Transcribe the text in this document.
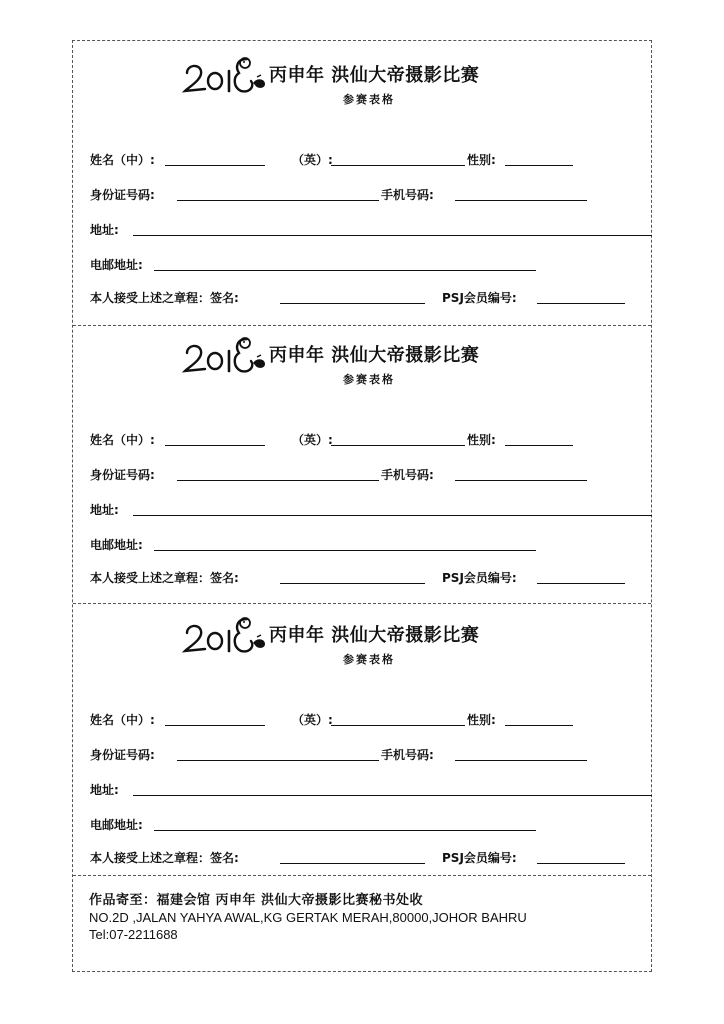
丙申年 洪仙大帝摄影比赛
参赛表格
姓名（中）:	（英）:	性别:
身份证号码:	手机号码:
地址:
电邮地址:
本人接受上述之章程：签名:	PSJ会员编号:
丙申年 洪仙大帝摄影比赛
参赛表格
姓名（中）:	（英）:	性别:
身份证号码:	手机号码:
地址:
电邮地址:
本人接受上述之章程：签名:	PSJ会员编号:
丙申年 洪仙大帝摄影比赛
参赛表格
姓名（中）:	（英）:	性别:
身份证号码:	手机号码:
地址:
电邮地址:
本人接受上述之章程：签名:	PSJ会员编号:
作品寄至：福建会馆 丙申年 洪仙大帝摄影比赛秘书处收
NO.2D ,JALAN YAHYA AWAL,KG GERTAK MERAH,80000,JOHOR BAHRU
Tel:07-2211688
